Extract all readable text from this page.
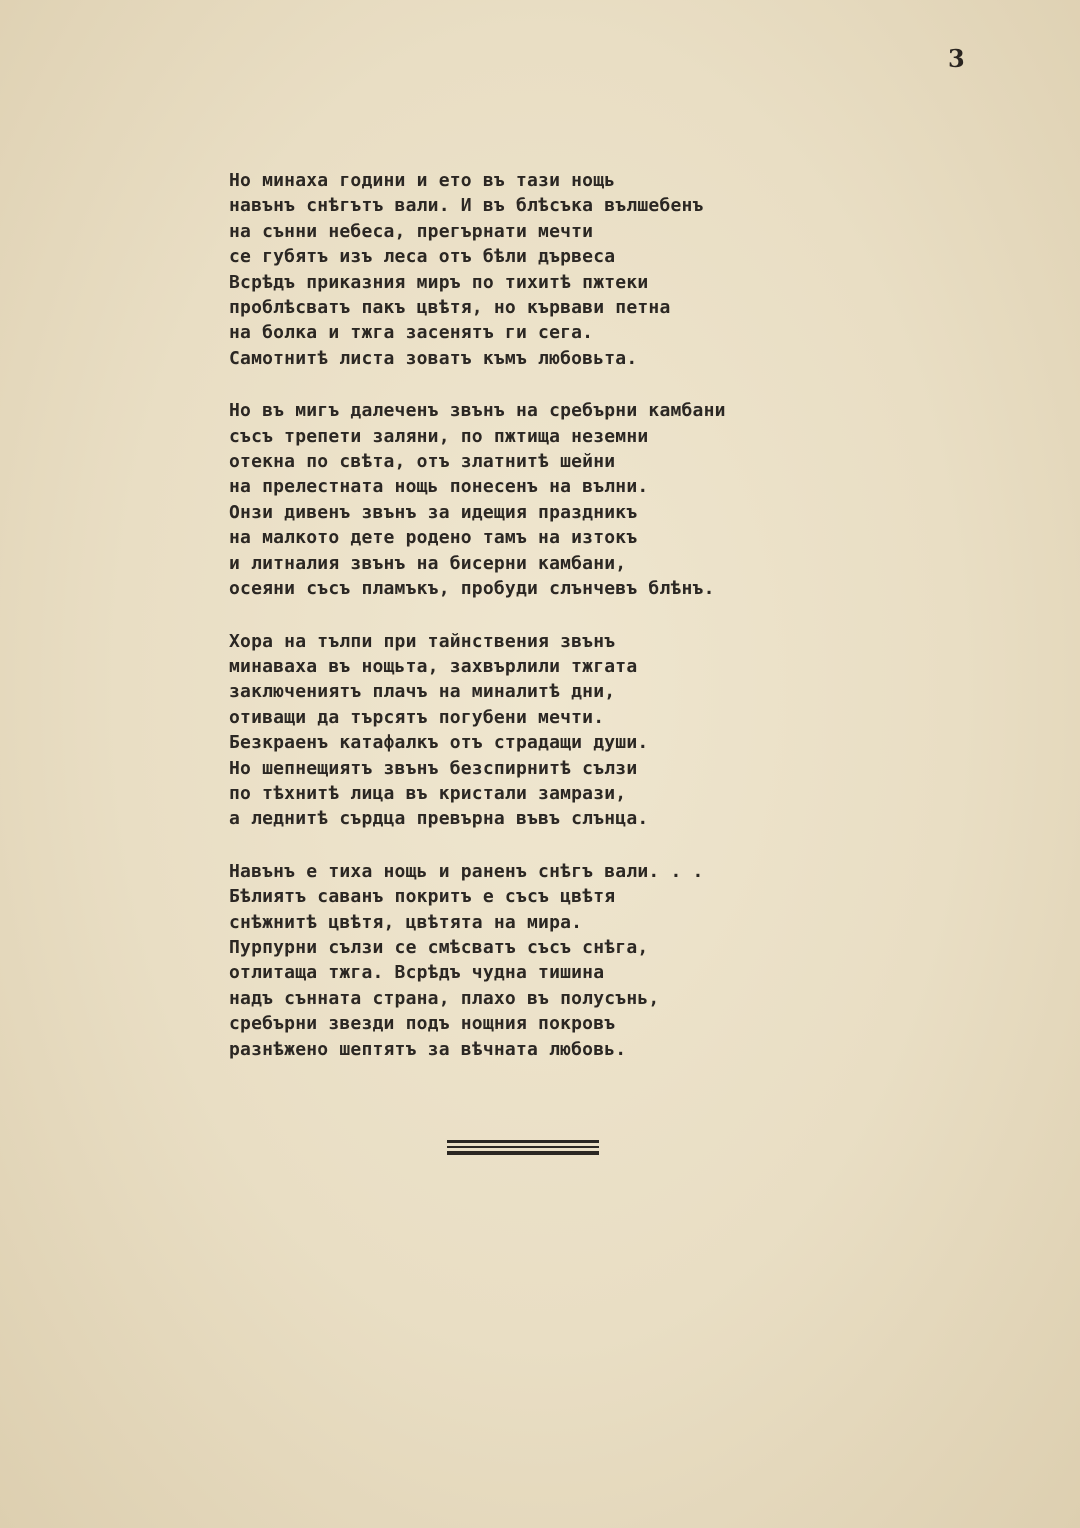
3
Но минаха години и ето въ тази нощь
навънъ снѣгътъ вали. И въ блѣсъка вълшебенъ
на сънни небеса, прегърнати мечти
се губятъ изъ леса отъ бѣли дървеса
Всрѣдъ приказния миръ по тихитѣ пжтеки
проблѣсватъ пакъ цвѣтя, но кървави петна
на болка и тжга засенятъ ги сега.
Самотнитѣ листа зоватъ къмъ любовьта.
Но въ мигъ далеченъ звънъ на сребърни камбани
съсъ трепети заляни, по пжтища неземни
отекна по свѣта, отъ златнитѣ шейни
на прелестната нощь понесенъ на вълни.
Онзи дивенъ звънъ за идещия праздникъ
на малкото дете родено тамъ на изтокъ
и литналия звънъ на бисерни камбани,
осеяни съсъ пламъкъ, пробуди слънчевъ блѣнъ.
Хора на тълпи при тайнствения звънъ
минаваха въ нощьта, захвърлили тжгата
заключениятъ плачъ на миналитѣ дни,
отиващи да търсятъ погубени мечти.
Безкраенъ катафалкъ отъ страдащи души.
Но шепнещиятъ звънъ безспирнитѣ сълзи
по тѣхнитѣ лица въ кристали замрази,
а леднитѣ сърдца превърна въвъ слънца.
Навънъ е тиха нощь и раненъ снѣгъ вали. . .
Бѣлиятъ саванъ покритъ е съсъ цвѣтя
снѣжнитѣ цвѣтя, цвѣтята на мира.
Пурпурни сълзи се смѣсватъ съсъ снѣга,
отлитаща тжга. Всрѣдъ чудна тишина
надъ сънната страна, плахо въ полусънь,
сребърни звезди подъ нощния покровъ
разнѣжено шептятъ за вѣчната любовь.
